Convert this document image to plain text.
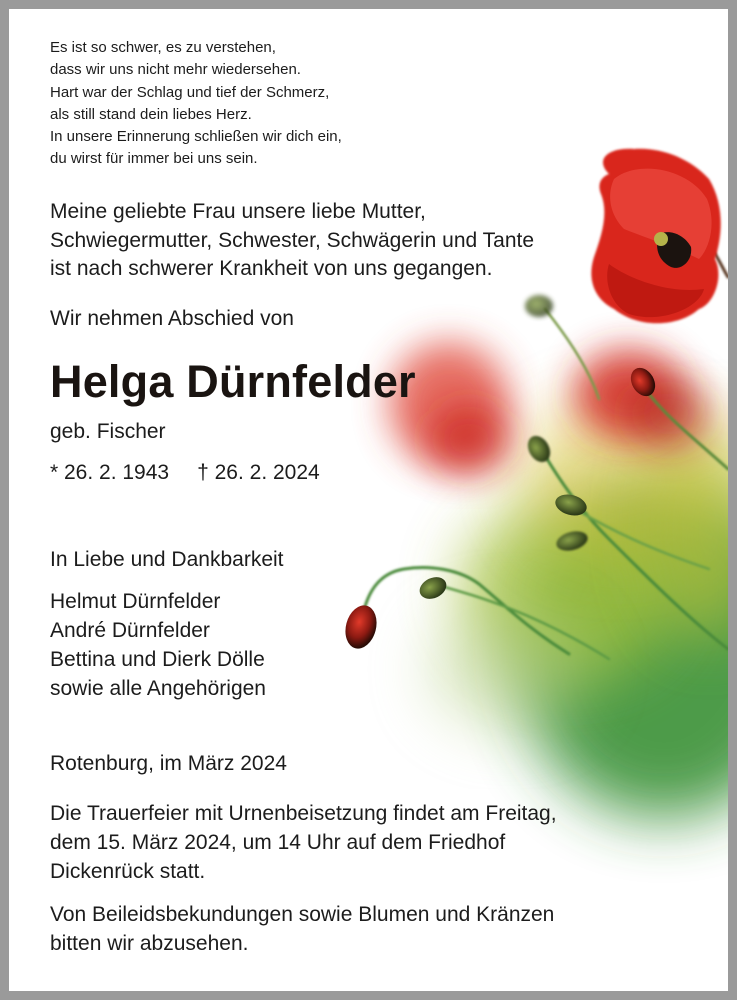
Es ist so schwer, es zu verstehen,
dass wir uns nicht mehr wiedersehen.
Hart war der Schlag und tief der Schmerz,
als still stand dein liebes Herz.
In unsere Erinnerung schließen wir dich ein,
du wirst für immer bei uns sein.

Meine geliebte Frau unsere liebe Mutter,
Schwiegermutter, Schwester, Schwägerin und Tante
ist nach schwerer Krankheit von uns gegangen.

Wir nehmen Abschied von

Helga Dürnfelder

geb. Fischer

* 26. 2. 1943 † 26. 2. 2024

In Liebe und Dankbarkeit

Helmut Dürnfelder
André Dürnfelder
Bettina und Dierk Dölle
sowie alle Angehörigen

Rotenburg, im März 2024

Die Trauerfeier mit Urnenbeisetzung findet am Freitag,
dem 15. März 2024, um 14 Uhr auf dem Friedhof
Dickenrück statt.

Von Beileidsbekundungen sowie Blumen und Kränzen
bitten wir abzusehen.
